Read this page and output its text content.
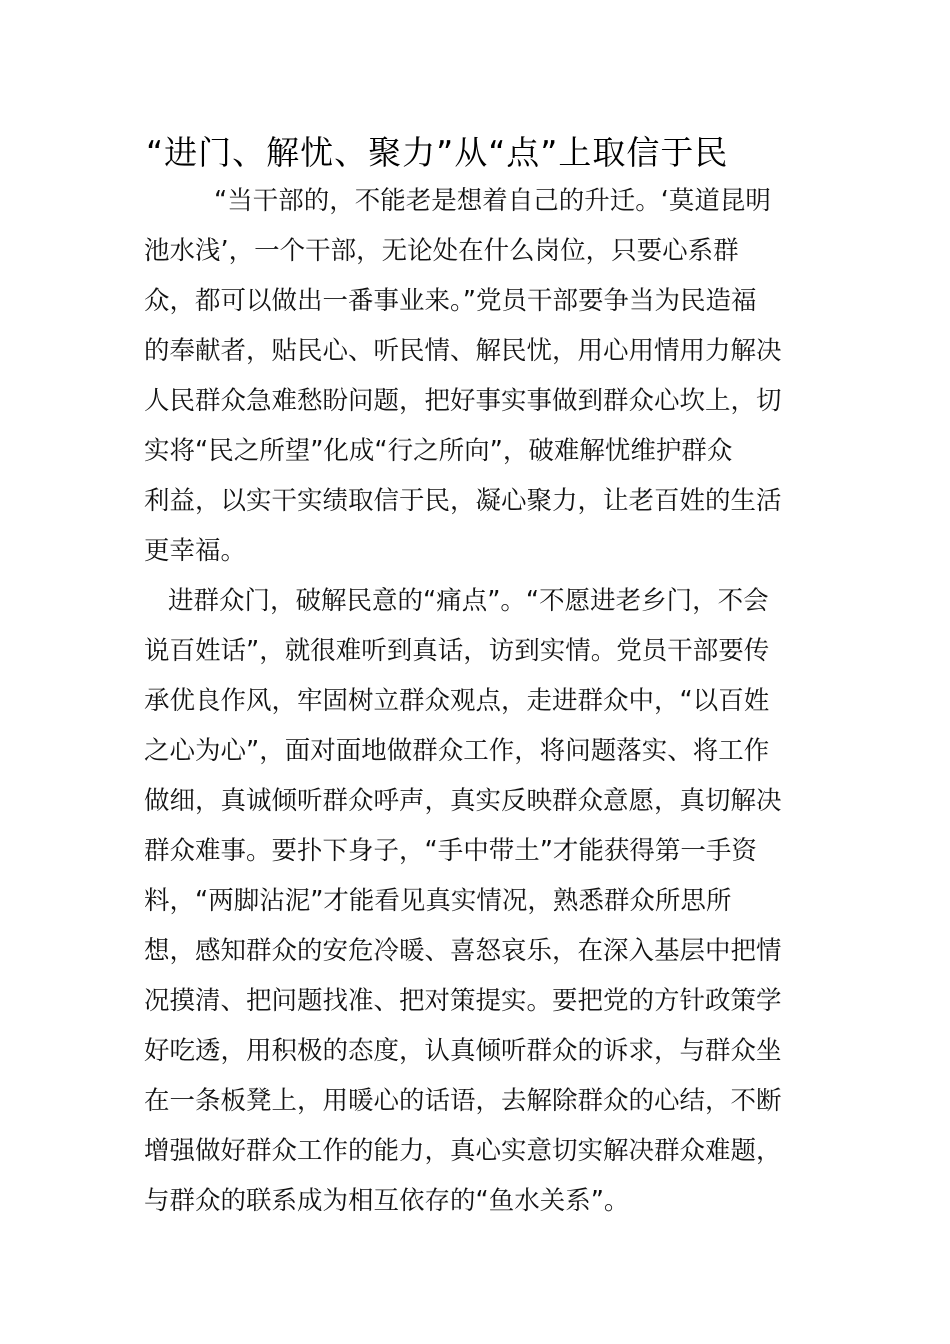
“进门、解忧、聚力”从“点”上取信于民
“当干部的，不能老是想着自己的升迁。‘莫道昆明
池水浅’，一个干部，无论处在什么岗位，只要心系群
众，都可以做出一番事业来。”党员干部要争当为民造福
的奉献者，贴民心、听民情、解民忧，用心用情用力解决
人民群众急难愁盼问题，把好事实事做到群众心坎上，切
实将“民之所望”化成“行之所向”，破难解忧维护群众
利益，以实干实绩取信于民，凝心聚力，让老百姓的生活
更幸福。
进群众门，破解民意的“痛点”。“不愿进老乡门，不会
说百姓话”，就很难听到真话，访到实情。党员干部要传
承优良作风，牢固树立群众观点，走进群众中，“以百姓
之心为心”，面对面地做群众工作，将问题落实、将工作
做细，真诚倾听群众呼声，真实反映群众意愿，真切解决
群众难事。要扑下身子，“手中带土”才能获得第一手资
料，“两脚沾泥”才能看见真实情况，熟悉群众所思所
想，感知群众的安危冷暖、喜怒哀乐，在深入基层中把情
况摸清、把问题找准、把对策提实。要把党的方针政策学
好吃透，用积极的态度，认真倾听群众的诉求，与群众坐
在一条板凳上，用暖心的话语，去解除群众的心结，不断
增强做好群众工作的能力，真心实意切实解决群众难题，
与群众的联系成为相互依存的“鱼水关系”。
